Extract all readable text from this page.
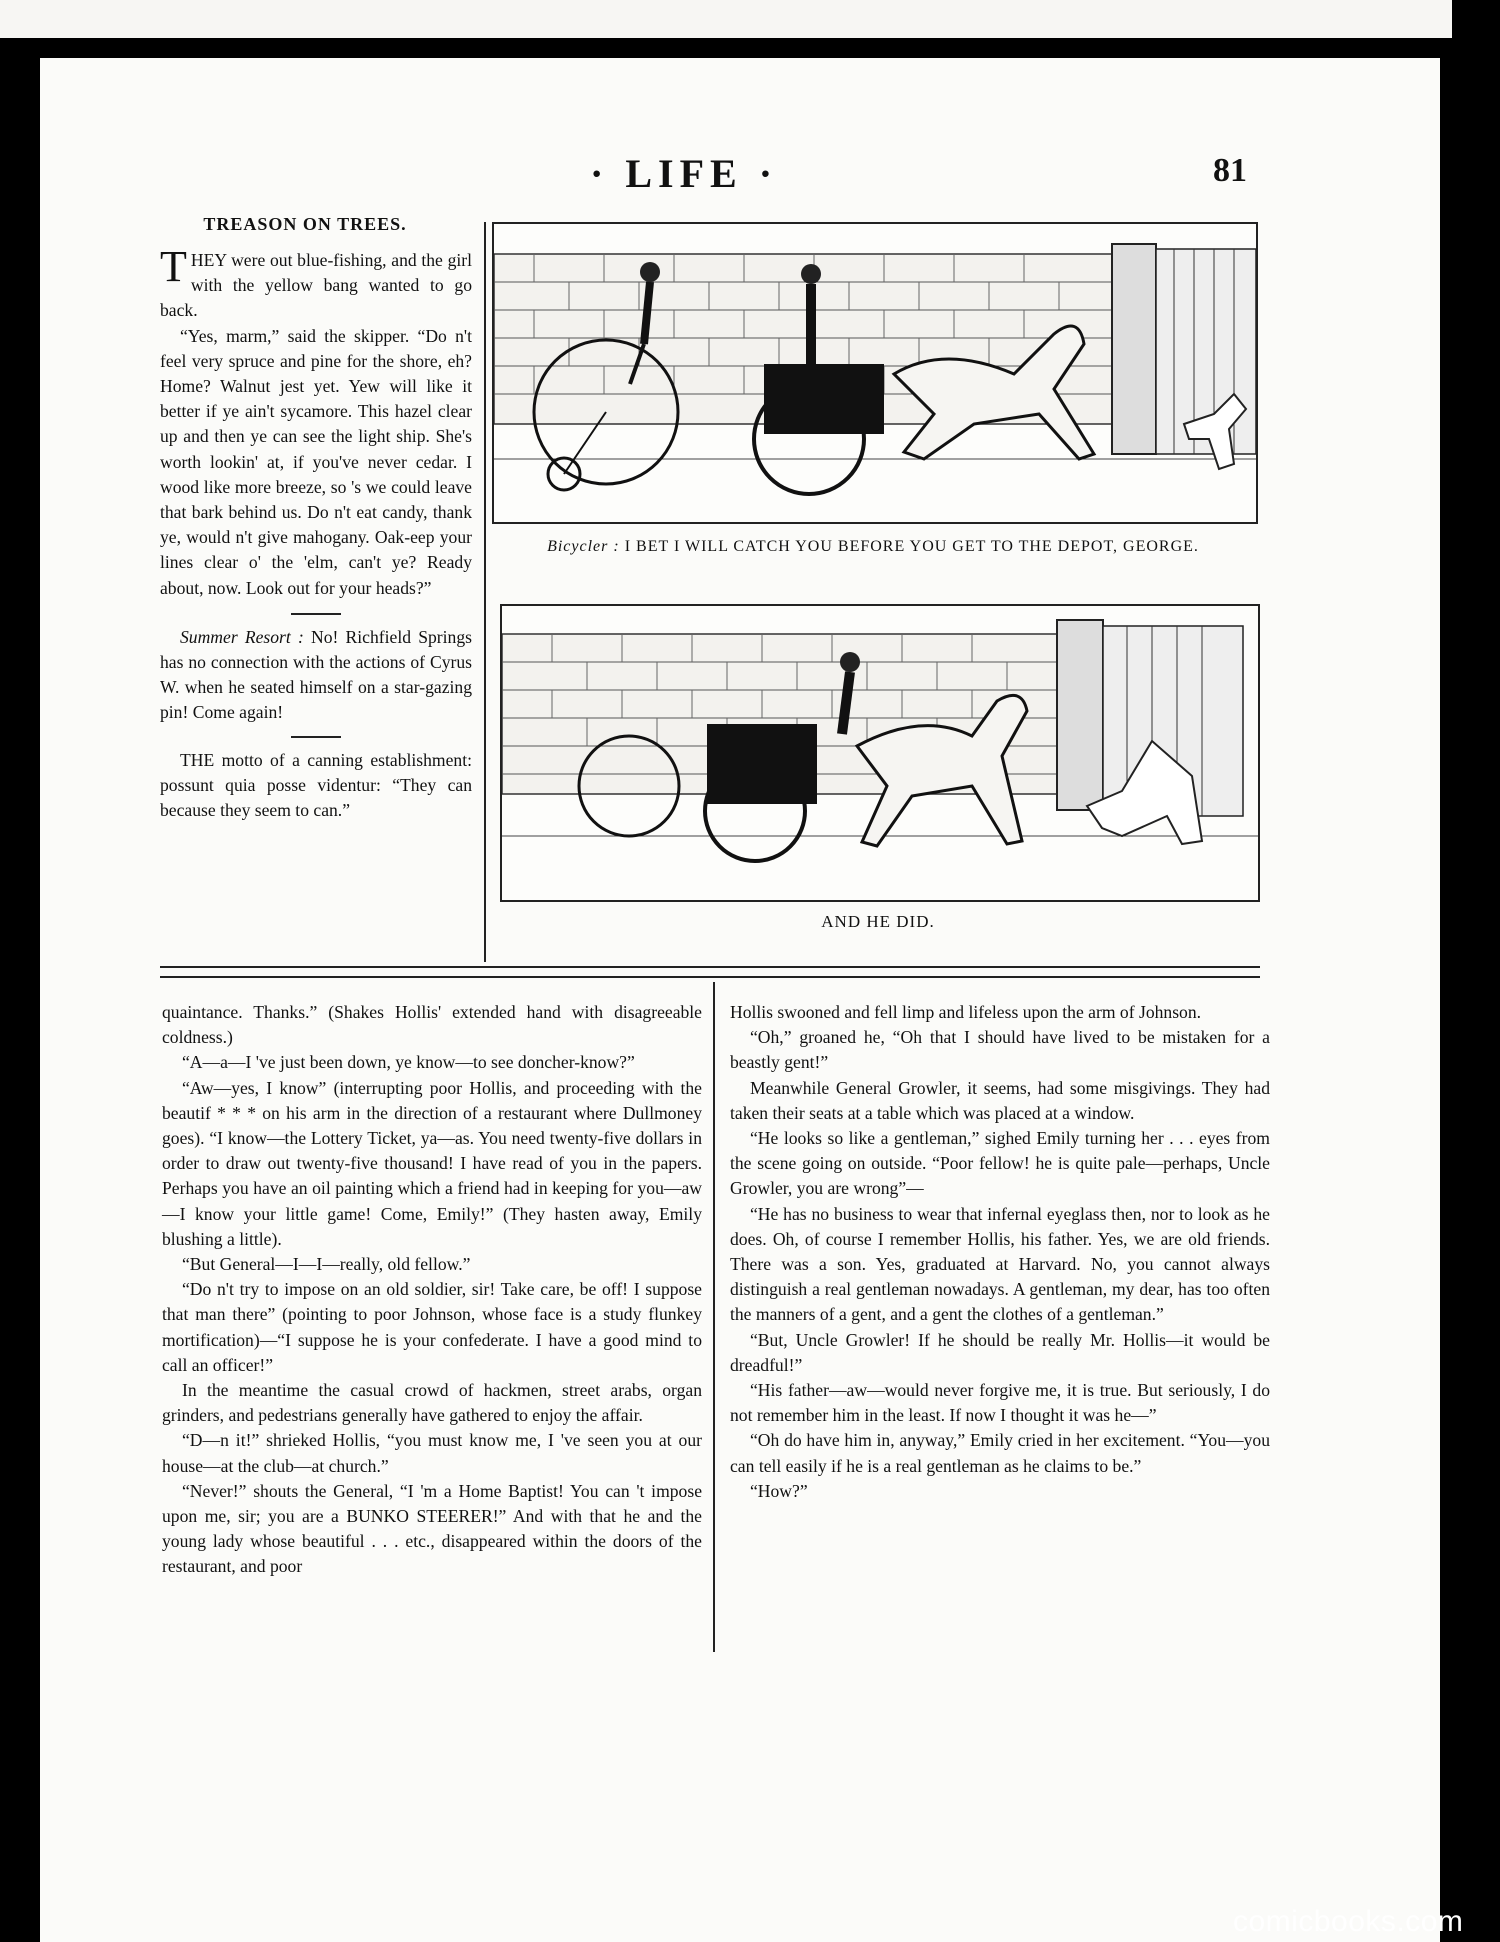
· LIFE ·	81
TREASON ON TREES.

THEY were out blue-fishing, and the girl with the yellow bang wanted to go back.

“Yes, marm,” said the skipper. “Do n't feel very spruce and pine for the shore, eh? Home? Walnut jest yet. Yew will like it better if ye ain't sycamore. This hazel clear up and then ye can see the light ship. She's worth lookin' at, if you've never cedar. I wood like more breeze, so 's we could leave that bark behind us. Do n't eat candy, thank ye, would n't give mahogany. Oak-eep your lines clear o' the 'elm, can't ye? Ready about, now. Look out for your heads?”

Summer Resort : No! Richfield Springs has no connection with the actions of Cyrus W. when he seated himself on a star-gazing pin! Come again!

THE motto of a canning establishment: possunt quia posse videntur: “They can because they seem to can.”

Bicycler : I BET I WILL CATCH YOU BEFORE YOU GET TO THE DEPOT, GEORGE.
AND HE DID.

quaintance. Thanks.” (Shakes Hollis' extended hand with disagreeable coldness.)

“A—a—I 've just been down, ye know—to see doncher-know?”

“Aw—yes, I know” (interrupting poor Hollis, and proceeding with the beautif * * * on his arm in the direction of a restaurant where Dullmoney goes). “I know—the Lottery Ticket, ya—as. You need twenty-five dollars in order to draw out twenty-five thousand! I have read of you in the papers. Perhaps you have an oil painting which a friend had in keeping for you—aw—I know your little game! Come, Emily!” (They hasten away, Emily blushing a little).

“But General—I—I—really, old fellow.”

“Do n't try to impose on an old soldier, sir! Take care, be off! I suppose that man there” (pointing to poor Johnson, whose face is a study flunkey mortification)—“I suppose he is your confederate. I have a good mind to call an officer!”

In the meantime the casual crowd of hackmen, street arabs, organ grinders, and pedestrians generally have gathered to enjoy the affair.

“D—n it!” shrieked Hollis, “you must know me, I 've seen you at our house—at the club—at church.”

“Never!” shouts the General, “I 'm a Home Baptist! You can 't impose upon me, sir; you are a BUNKO STEERER!” And with that he and the young lady whose beautiful . . . etc., disappeared within the doors of the restaurant, and poor

Hollis swooned and fell limp and lifeless upon the arm of Johnson.

“Oh,” groaned he, “Oh that I should have lived to be mistaken for a beastly gent!”

Meanwhile General Growler, it seems, had some misgivings. They had taken their seats at a table which was placed at a window.

“He looks so like a gentleman,” sighed Emily turning her . . . eyes from the scene going on outside. “Poor fellow! he is quite pale—perhaps, Uncle Growler, you are wrong”—

“He has no business to wear that infernal eyeglass then, nor to look as he does. Oh, of course I remember Hollis, his father. Yes, we are old friends. There was a son. Yes, graduated at Harvard. No, you cannot always distinguish a real gentleman nowadays. A gentleman, my dear, has too often the manners of a gent, and a gent the clothes of a gentleman.”

“But, Uncle Growler! If he should be really Mr. Hollis—it would be dreadful!”

“His father—aw—would never forgive me, it is true. But seriously, I do not remember him in the least. If now I thought it was he—”

“Oh do have him in, anyway,” Emily cried in her excitement. “You—you can tell easily if he is a real gentleman as he claims to be.”

“How?”

comicbooks.com
